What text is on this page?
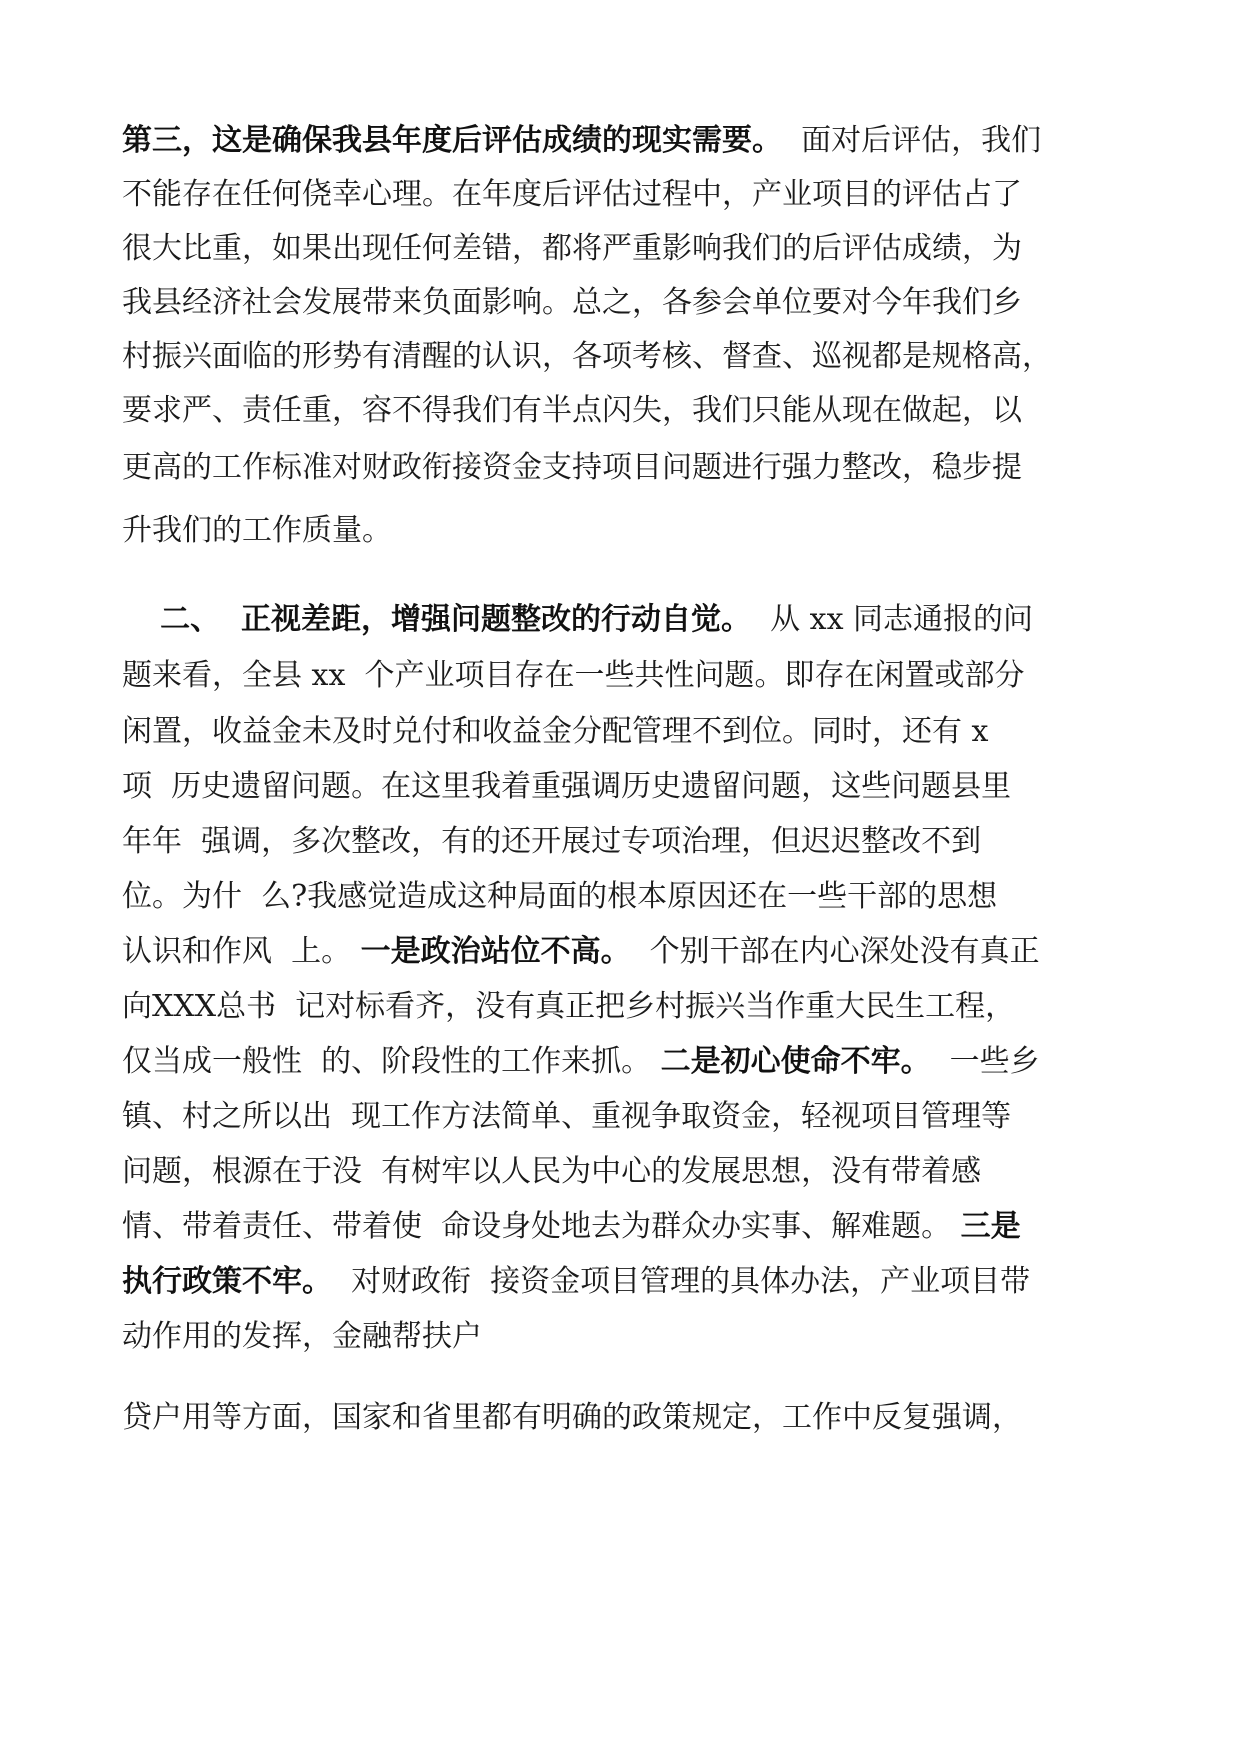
第三，这是确保我县年度后评估成绩的现实需要。  面对后评估，我们

不能存在任何侥幸心理。在年度后评估过程中，产业项目的评估占了

很大比重，如果出现任何差错，都将严重影响我们的后评估成绩，为

我县经济社会发展带来负面影响。总之，各参会单位要对今年我们乡

村振兴面临的形势有清醒的认识，各项考核、督查、巡视都是规格高，

要求严、责任重，容不得我们有半点闪失，我们只能从现在做起，以

更高的工作标准对财政衔接资金支持项目问题进行强力整改，稳步提

升我们的工作质量。

二、  正视差距，增强问题整改的行动自觉。  从 xx 同志通报的问

题来看，全县 xx  个产业项目存在一些共性问题。即存在闲置或部分

闲置，收益金未及时兑付和收益金分配管理不到位。同时，还有 x

项  历史遗留问题。在这里我着重强调历史遗留问题，这些问题县里

年年  强调，多次整改，有的还开展过专项治理，但迟迟整改不到

位。为什  么?我感觉造成这种局面的根本原因还在一些干部的思想

认识和作风  上。 一是政治站位不高。  个别干部在内心深处没有真正

向XXX总书  记对标看齐，没有真正把乡村振兴当作重大民生工程，

仅当成一般性  的、阶段性的工作来抓。 二是初心使命不牢。  一些乡

镇、村之所以出  现工作方法简单、重视争取资金，轻视项目管理等

问题，根源在于没  有树牢以人民为中心的发展思想，没有带着感

情、带着责任、带着使  命设身处地去为群众办实事、解难题。 三是

执行政策不牢。  对财政衔  接资金项目管理的具体办法，产业项目带

动作用的发挥，金融帮扶户

贷户用等方面，国家和省里都有明确的政策规定，工作中反复强调，
